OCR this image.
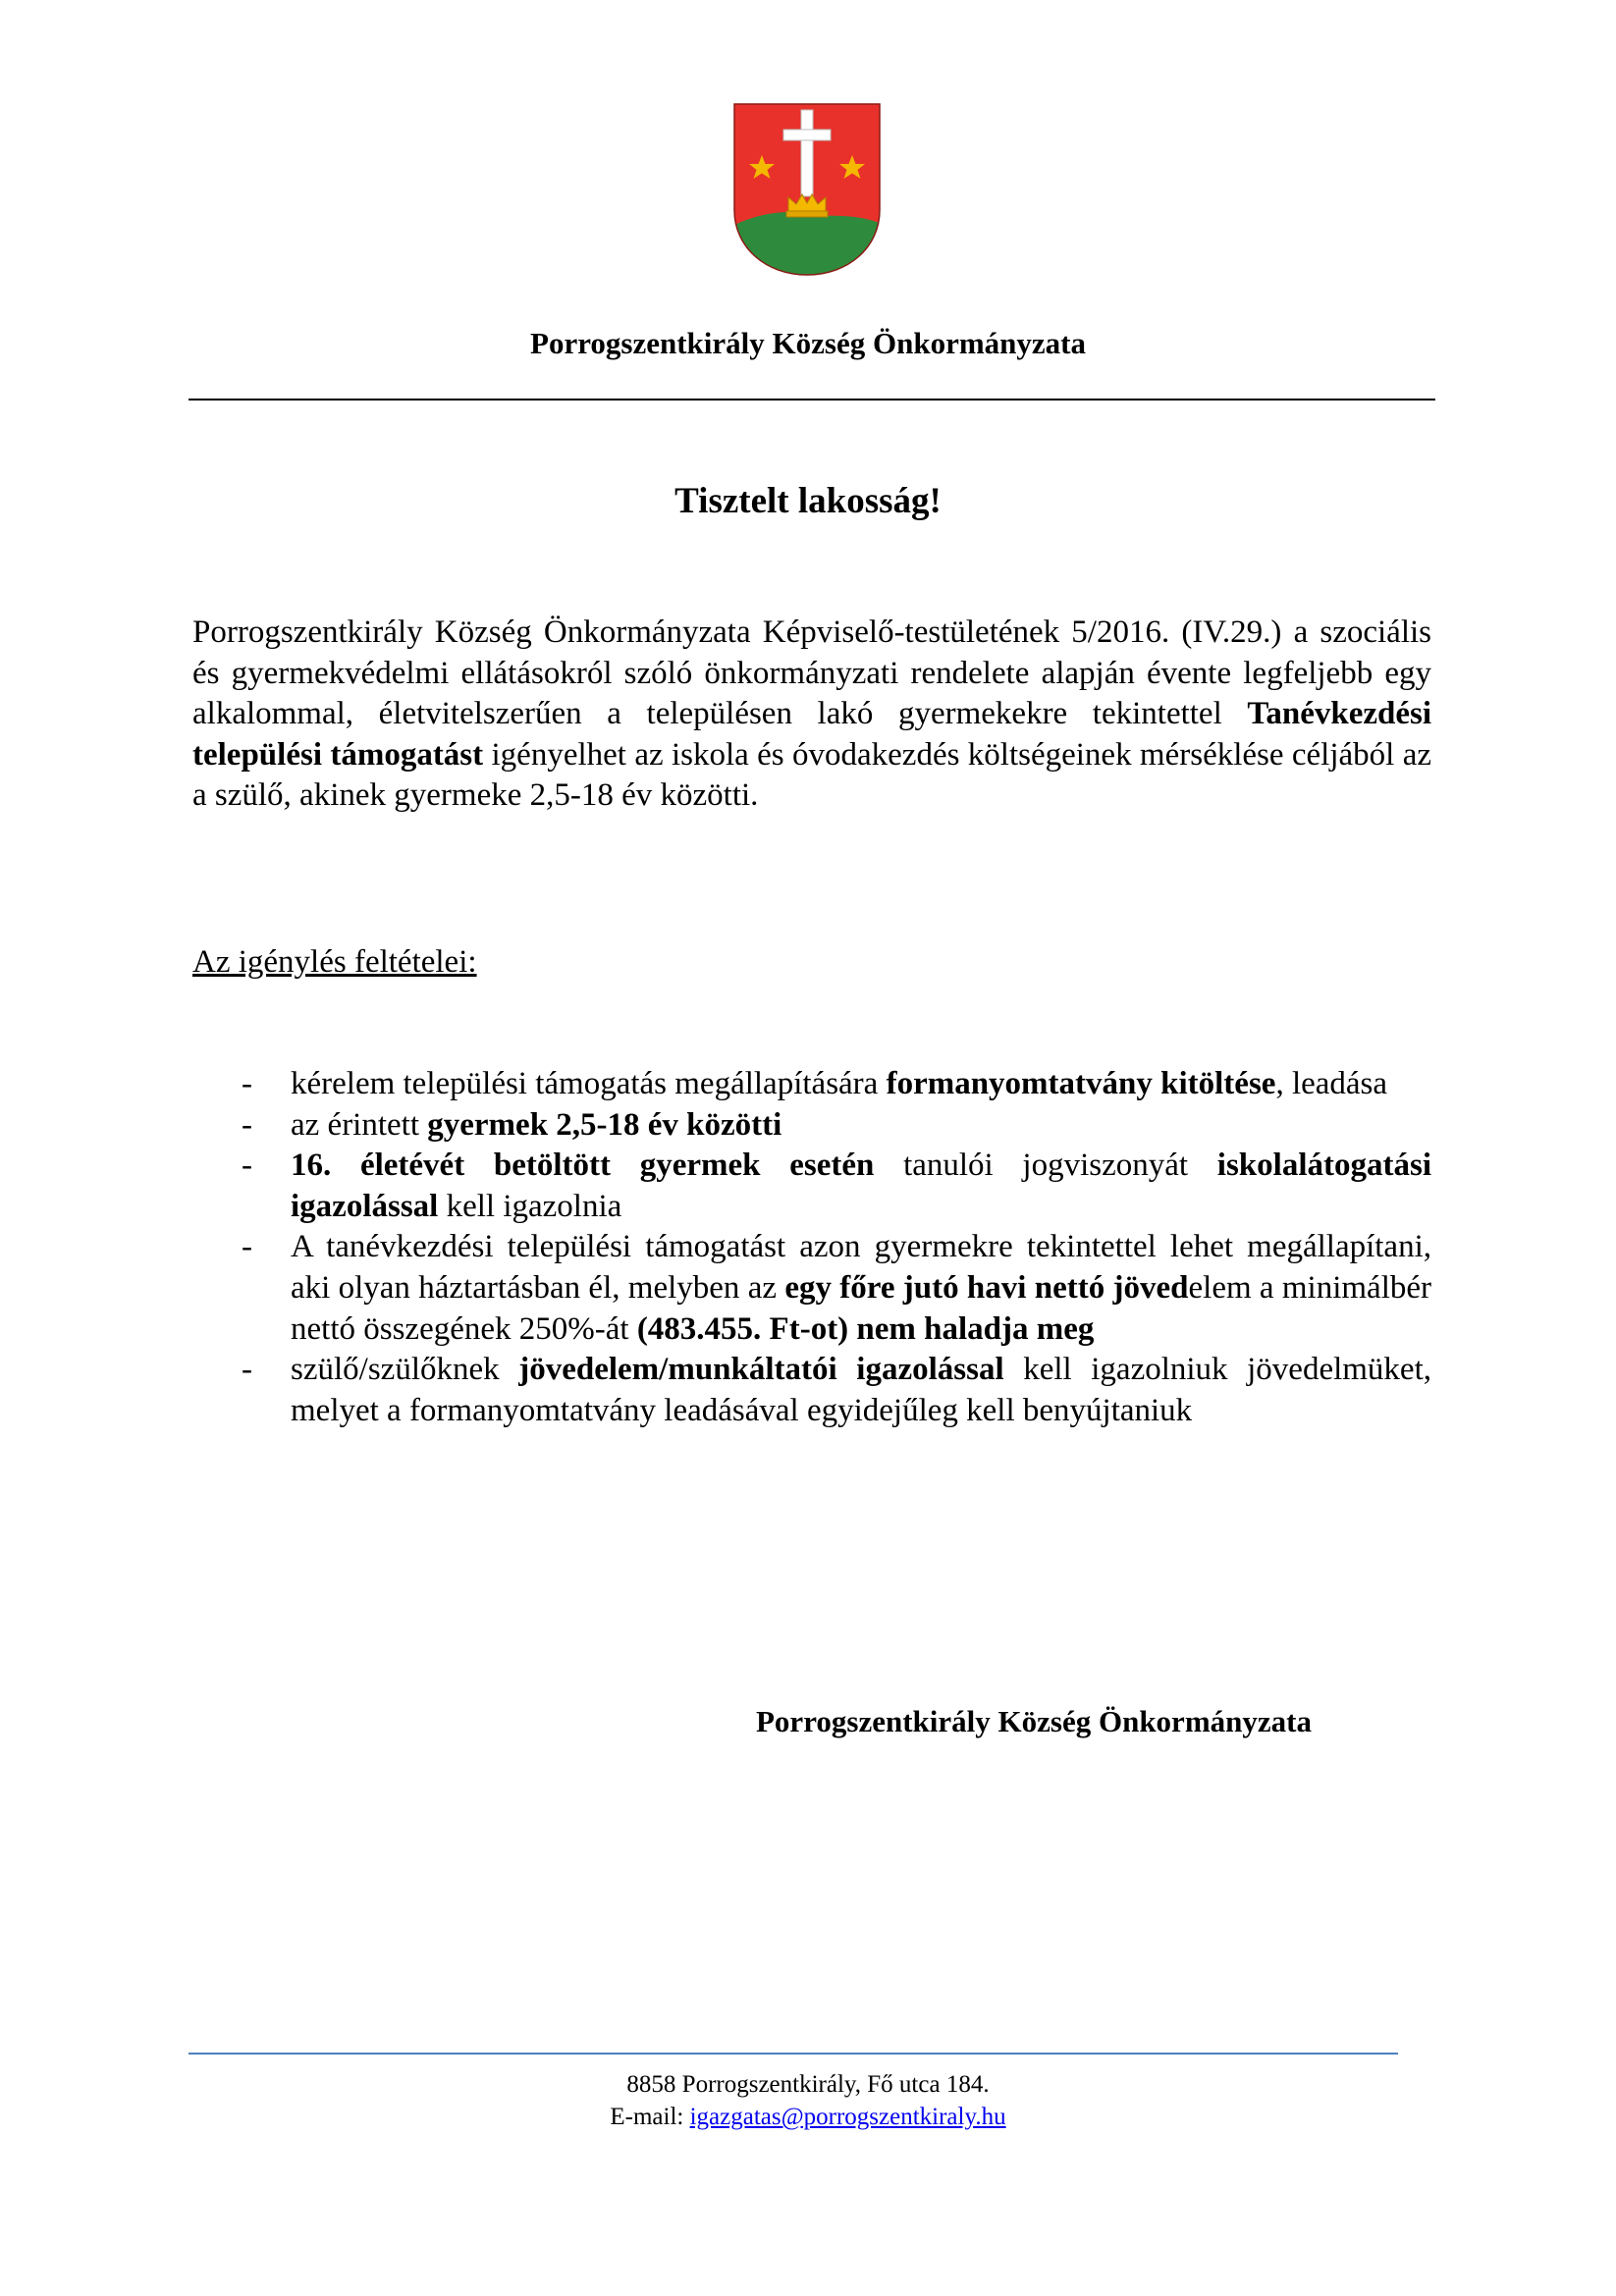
Porrogszentkirály Község Önkormányzata
Tisztelt lakosság!

Porrogszentkirály Község Önkormányzata Képviselő-testületének 5/2016. (IV.29.) a szociális és gyermekvédelmi ellátásokról szóló önkormányzati rendelete alapján évente legfeljebb egy alkalommal, életvitelszerűen a településen lakó gyermekekre tekintettel Tanévkezdési települési támogatást igényelhet az iskola és óvodakezdés költségeinek mérséklése céljából az a szülő, akinek gyermeke 2,5-18 év közötti.

Az igénylés feltételei:
- kérelem települési támogatás megállapítására formanyomtatvány kitöltése, leadása
- az érintett gyermek 2,5-18 év közötti
- 16. életévét betöltött gyermek esetén tanulói jogviszonyát iskolalátogatási igazolással kell igazolnia
- A tanévkezdési települési támogatást azon gyermekre tekintettel lehet megállapítani, aki olyan háztartásban él, melyben az egy főre jutó havi nettó jövedelem a minimálbér nettó összegének 250%-át (483.455. Ft-ot) nem haladja meg
- szülő/szülőknek jövedelem/munkáltatói igazolással kell igazolniuk jövedelmüket, melyet a formanyomtatvány leadásával egyidejűleg kell benyújtaniuk
Porrogszentkirály Község Önkormányzata
8858 Porrogszentkirály, Fő utca 184.
E-mail: igazgatas@porrogszentkiraly.hu
